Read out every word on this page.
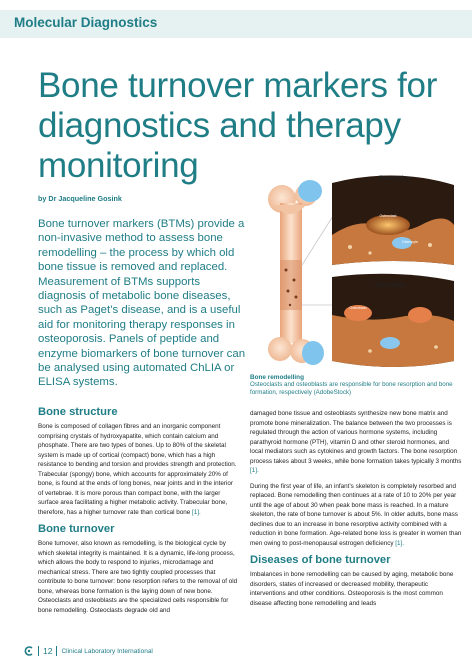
Molecular Diagnostics
Bone turnover markers for diagnostics and therapy monitoring
by Dr Jacqueline Gosink

Bone turnover markers (BTMs) provide a non-invasive method to assess bone remodelling – the process by which old bone tissue is removed and replaced. Measurement of BTMs supports diagnosis of metabolic bone diseases, such as Paget’s disease, and is a useful aid for monitoring therapy responses in osteoporosis. Panels of peptide and enzyme biomarkers of bone turnover can be analysed using automated ChLIA or ELISA systems.

Resorption
Osteoclast
Osteocyte
Formation
Osteoblast
Bone remodelling
Osteoclasts and osteoblasts are responsible for bone resorption and bone formation, respectively (AdobeStock)
Bone structure

Bone is composed of collagen fibres and an inorganic component comprising crystals of hydroxyapatite, which contain calcium and phosphate. There are two types of bones. Up to 80% of the skeletal system is made up of cortical (compact) bone, which has a high resistance to bending and torsion and provides strength and protection. Trabecular (spongy) bone, which accounts for approximately 20% of bone, is found at the ends of long bones, near joints and in the interior of vertebrae. It is more porous than compact bone, with the larger surface area facilitating a higher metabolic activity. Trabecular bone, therefore, has a higher turnover rate than cortical bone [1].

Bone turnover

Bone turnover, also known as remodelling, is the biological cycle by which skeletal integrity is maintained. It is a dynamic, life-long process, which allows the body to respond to injuries, microdamage and mechanical stress. There are two tightly coupled processes that contribute to bone turnover: bone resorption refers to the removal of old bone, whereas bone formation is the laying down of new bone. Osteoclasts and osteoblasts are the specialized cells responsible for bone remodelling. Osteoclasts degrade old and

damaged bone tissue and osteoblasts synthesize new bone matrix and promote bone mineralization. The balance between the two processes is regulated through the action of various hormone systems, including parathyroid hormone (PTH), vitamin D and other steroid hormones, and local mediators such as cytokines and growth factors. The bone resorption process takes about 3 weeks, while bone formation takes typically 3 months [1].

During the first year of life, an infant’s skeleton is completely resorbed and replaced. Bone remodelling then continues at a rate of 10 to 20% per year until the age of about 30 when peak bone mass is reached. In a mature skeleton, the rate of bone turnover is about 5%. In older adults, bone mass declines due to an increase in bone resorptive activity combined with a reduction in bone formation. Age-related bone loss is greater in women than men owing to post-menopausal estrogen deficiency [1].

Diseases of bone turnover

Imbalances in bone remodelling can be caused by aging, metabolic bone disorders, states of increased or decreased mobility, therapeutic interventions and other conditions. Osteoporosis is the most common disease affecting bone remodelling and leads

12 Clinical Laboratory International
